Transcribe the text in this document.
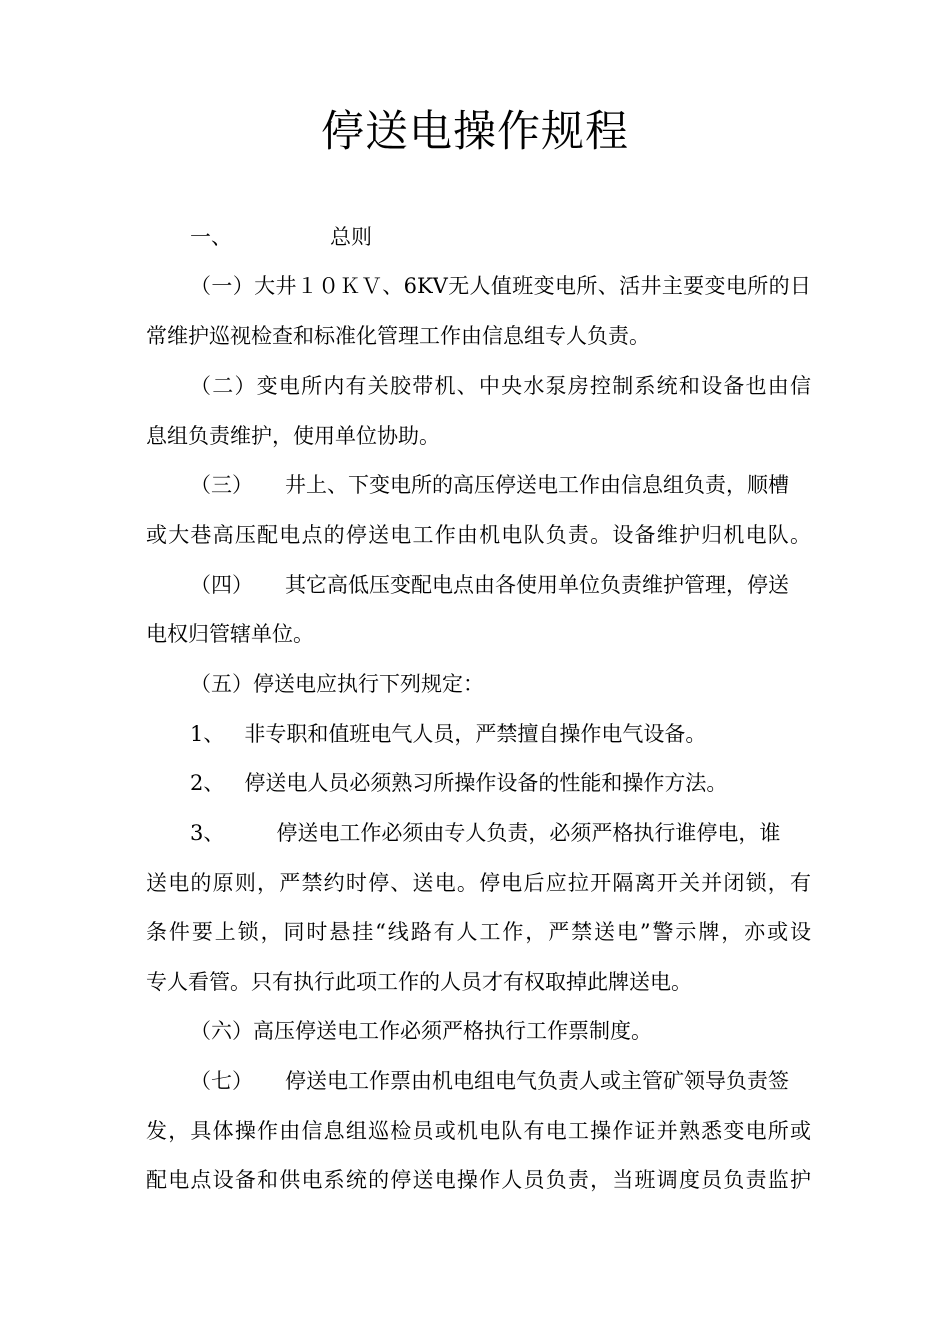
停送电操作规程

一、	总则

（一）大井１０ＫＶ、6KV无人值班变电所、活井主要变电所的日

常维护巡视检查和标准化管理工作由信息组专人负责。

（二）变电所内有关胶带机、中央水泵房控制系统和设备也由信

息组负责维护，使用单位协助。

（三） 井上、下变电所的高压停送电工作由信息组负责，顺槽

或大巷高压配电点的停送电工作由机电队负责。设备维护归机电队。

（四） 其它高低压变配电点由各使用单位负责维护管理，停送

电权归管辖单位。

（五）停送电应执行下列规定：

1、 非专职和值班电气人员，严禁擅自操作电气设备。

2、 停送电人员必须熟习所操作设备的性能和操作方法。

3、 停送电工作必须由专人负责，必须严格执行谁停电，谁

送电的原则，严禁约时停、送电。停电后应拉开隔离开关并闭锁，有

条件要上锁，同时悬挂“线路有人工作，严禁送电”警示牌，亦或设

专人看管。只有执行此项工作的人员才有权取掉此牌送电。

（六）高压停送电工作必须严格执行工作票制度。

（七） 停送电工作票由机电组电气负责人或主管矿领导负责签

发，具体操作由信息组巡检员或机电队有电工操作证并熟悉变电所或

配电点设备和供电系统的停送电操作人员负责，当班调度员负责监护
